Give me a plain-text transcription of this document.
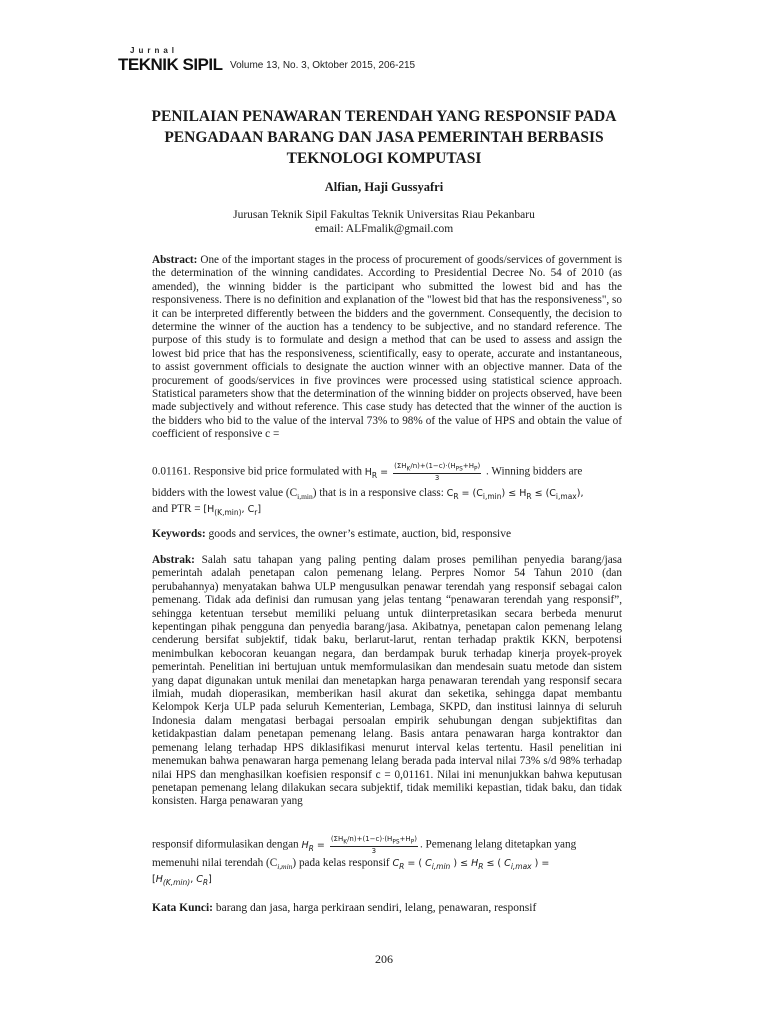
Jurnal
TEKNIK SIPIL Volume 13, No. 3, Oktober 2015, 206-215
PENILAIAN PENAWARAN TERENDAH YANG RESPONSIF PADA
PENGADAAN BARANG DAN JASA PEMERINTAH BERBASIS
TEKNOLOGI KOMPUTASI
Alfian, Haji Gussyafri
Jurusan Teknik Sipil Fakultas Teknik Universitas Riau Pekanbaru
email: ALFmalik@gmail.com

Abstract: One of the important stages in the process of procurement of goods/services of government is the determination of the winning candidates. According to Presidential Decree No. 54 of 2010 (as amended), the winning bidder is the participant who submitted the lowest bid and has the responsiveness. There is no definition and explanation of the "lowest bid that has the responsiveness", so it can be interpreted differently between the bidders and the government. Consequently, the decision to determine the winner of the auction has a tendency to be subjective, and no standard reference. The purpose of this study is to formulate and design a method that can be used to assess and assign the lowest bid price that has the responsiveness, scientifically, easy to operate, accurate and instantaneous, to assist government officials to designate the auction winner with an objective manner. Data of the procurement of goods/services in five provinces were processed using statistical science approach. Statistical parameters show that the determination of the winning bidder on projects observed, have been made subjectively and without reference. This case study has detected that the winner of the auction is the bidders who bid to the value of the interval 73% to 98% of the value of HPS and obtain the value of coefficient of responsive c =

0.01161. Responsive bid price formulated with $H_R = \frac{(\Sigma H_K/n)+(1-c)\cdot(H_{PS}+H_P)}{3}$ . Winning bidders are
bidders with the lowest value $(C_{i,min})$ that is in a responsive class: $C_R = (C_{i,min}) \le H_R \le (C_{i,max})$,
and PTR = [$H_{(K,min)}$, $C_r$]
Keywords: goods and services, the owner’s estimate, auction, bid, responsive

Abstrak: Salah satu tahapan yang paling penting dalam proses pemilihan penyedia barang/jasa pemerintah adalah penetapan calon pemenang lelang. Perpres Nomor 54 Tahun 2010 (dan perubahannya) menyatakan bahwa ULP mengusulkan penawar terendah yang responsif sebagai calon pemenang. Tidak ada definisi dan rumusan yang jelas tentang “penawaran terendah yang responsif”, sehingga ketentuan tersebut memiliki peluang untuk diinterpretasikan secara berbeda menurut kepentingan pihak pengguna dan penyedia barang/jasa. Akibatnya, penetapan calon pemenang lelang cenderung bersifat subjektif, tidak baku, berlarut-larut, rentan terhadap praktik KKN, berpotensi menimbulkan kebocoran keuangan negara, dan berdampak buruk terhadap kinerja proyek-proyek pemerintah. Penelitian ini bertujuan untuk memformulasikan dan mendesain suatu metode dan sistem yang dapat digunakan untuk menilai dan menetapkan harga penawaran terendah yang responsif secara ilmiah, mudah dioperasikan, memberikan hasil akurat dan seketika, sehingga dapat membantu Kelompok Kerja ULP pada seluruh Kementerian, Lembaga, SKPD, dan institusi lainnya di seluruh Indonesia dalam mengatasi berbagai persoalan empirik sehubungan dengan subjektifitas dan ketidakpastian dalam penetapan pemenang lelang. Basis antara penawaran harga kontraktor dan pemenang lelang terhadap HPS diklasifikasi menurut interval kelas tertentu. Hasil penelitian ini menemukan bahwa penawaran harga pemenang lelang berada pada interval nilai 73% s/d 98% terhadap nilai HPS dan menghasilkan koefisien responsif c = 0,01161. Nilai ini menunjukkan bahwa keputusan penetapan pemenang lelang dilakukan secara subjektif, tidak memiliki kepastian, tidak baku, dan tidak konsisten. Harga penawaran yang

responsif diformulasikan dengan $H_R = \frac{(\Sigma H_K/n)+(1-c)\cdot(H_{PS}+H_P)}{3}$ . Pemenang lelang ditetapkan yang
memenuhi nilai terendah $(C_{i,min})$ pada kelas responsif $C_R$ = ( $C_{i,min}$ ) ≤ $H_R$ ≤ ( $C_{i,max}$ ) =
[$H_{(K,min)}$, $C_R$]
Kata Kunci: barang dan jasa, harga perkiraan sendiri, lelang, penawaran, responsif
206
